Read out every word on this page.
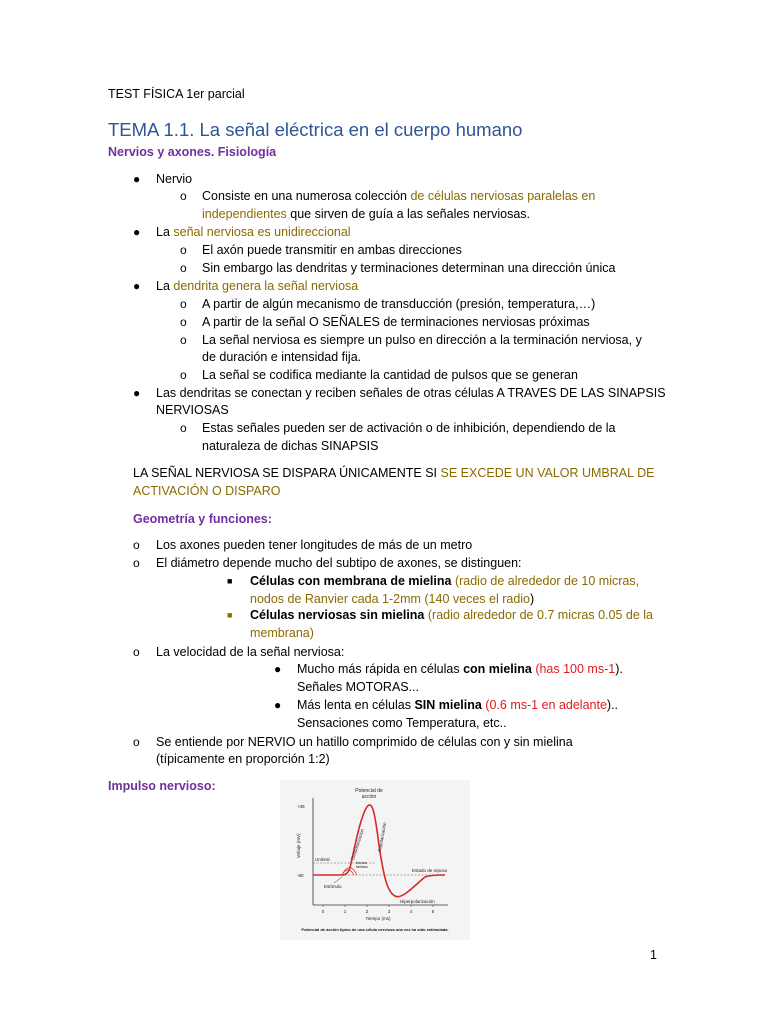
TEST FÍSICA 1er parcial
TEMA 1.1. La señal eléctrica en el cuerpo humano
Nervios y axones. Fisiología
● Nervio
o Consiste en una numerosa colección de células nerviosas paralelas en
independientes que sirven de guía a las señales nerviosas.
● La señal nerviosa es unidireccional
o El axón puede transmitir en ambas direcciones
o Sin embargo las dendritas y terminaciones determinan una dirección única
● La dendrita genera la señal nerviosa
o A partir de algún mecanismo de transducción (presión, temperatura,…)
o A partir de la señal O SEÑALES de terminaciones nerviosas próximas
o La señal nerviosa es siempre un pulso en dirección a la terminación nerviosa, y
de duración e intensidad fija.
o La señal se codifica mediante la cantidad de pulsos que se generan
● Las dendritas se conectan y reciben señales de otras células A TRAVES DE LAS SINAPSIS
NERVIOSAS
o Estas señales pueden ser de activación o de inhibición, dependiendo de la
naturaleza de dichas SINAPSIS
LA SEÑAL NERVIOSA SE DISPARA ÚNICAMENTE SI SE EXCEDE UN VALOR UMBRAL DE
ACTIVACIÓN O DISPARO
Geometría y funciones:
o Los axones pueden tener longitudes de más de un metro
o El diámetro depende mucho del subtipo de axones, se distinguen:
■ Células con membrana de mielina (radio de alrededor de 10 micras,
nodos de Ranvier cada 1-2mm (140 veces el radio)
■ Células nerviosas sin mielina (radio alrededor de 0.7 micras 0.05 de la
membrana)
o La velocidad de la señal nerviosa:
● Mucho más rápida en células con mielina (has 100 ms-1).
Señales MOTORAS...
● Más lenta en células SIN mielina (0.6 ms-1 en adelante)..
Sensaciones como Temperatura, etc..
o Se entiende por NERVIO un hatillo comprimido de células con y sin mielina
(típicamente en proporción 1:2)
Impulso nervioso:	Potencial de
acción
Despolarización	Repolarización
Umbral
Inicios
fallidos
Estado de reposo
Estímulo
Hiperpolarización
Voltaje (mV)
+35
-80
0	1	2	3	4	5
Tiempo (ms)
Potencial de acción típico de una célula nerviosa una vez ha sido estimulada.
1
